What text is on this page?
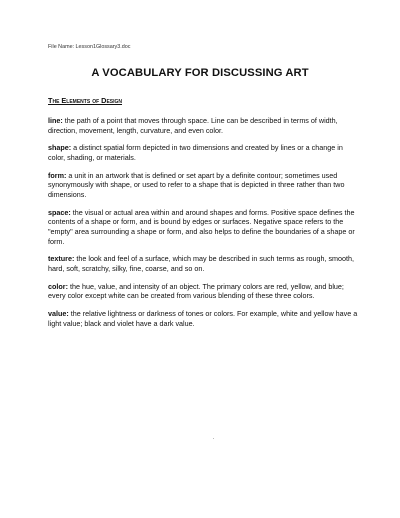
File Name: Lesson1Glossary3.doc
A VOCABULARY FOR DISCUSSING ART
The Elements of Design

line: the path of a point that moves through space. Line can be described in terms of width, direction, movement, length, curvature, and even color.

shape: a distinct spatial form depicted in two dimensions and created by lines or a change in color, shading, or materials.

form: a unit in an artwork that is defined or set apart by a definite contour; sometimes used synonymously with shape, or used to refer to a shape that is depicted in three rather than two dimensions.

space: the visual or actual area within and around shapes and forms. Positive space defines the contents of a shape or form, and is bound by edges or surfaces. Negative space refers to the "empty" area surrounding a shape or form, and also helps to define the boundaries of a shape or form.

texture: the look and feel of a surface, which may be described in such terms as rough, smooth, hard, soft, scratchy, silky, fine, coarse, and so on.

color: the hue, value, and intensity of an object. The primary colors are red, yellow, and blue; every color except white can be created from various blending of these three colors.

value: the relative lightness or darkness of tones or colors. For example, white and yellow have a light value; black and violet have a dark value.
